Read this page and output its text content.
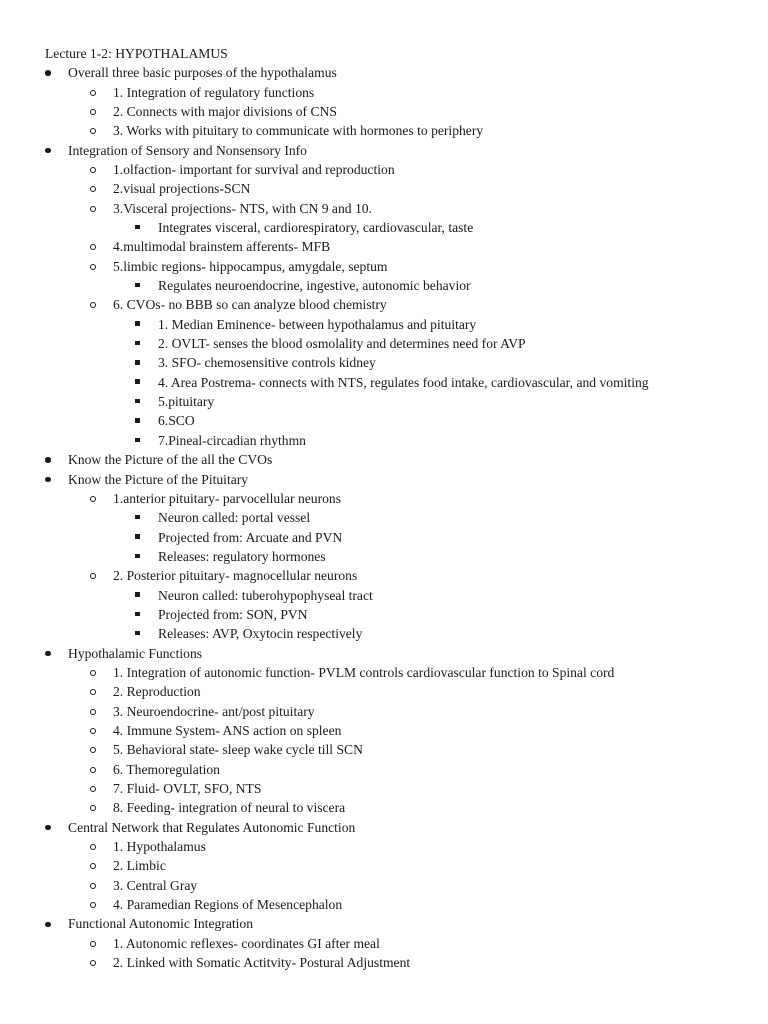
Lecture 1-2: HYPOTHALAMUS
Overall three basic purposes of the hypothalamus
1. Integration of regulatory functions
2. Connects with major divisions of CNS
3. Works with pituitary to communicate with hormones to periphery
Integration of Sensory and Nonsensory Info
1.olfaction- important for survival and reproduction
2.visual projections-SCN
3.Visceral projections- NTS, with CN 9 and 10.
Integrates visceral, cardiorespiratory, cardiovascular, taste
4.multimodal brainstem afferents- MFB
5.limbic regions- hippocampus, amygdale, septum
Regulates neuroendocrine, ingestive, autonomic behavior
6. CVOs- no BBB so can analyze blood chemistry
1. Median Eminence- between hypothalamus and pituitary
2. OVLT- senses the blood osmolality and determines need for AVP
3. SFO- chemosensitive controls kidney
4. Area Postrema- connects with NTS, regulates food intake, cardiovascular, and vomiting
5.pituitary
6.SCO
7.Pineal-circadian rhythmn
Know the Picture of the all the CVOs
Know the Picture of the Pituitary
1.anterior pituitary- parvocellular neurons
Neuron called: portal vessel
Projected from: Arcuate and PVN
Releases: regulatory hormones
2. Posterior pituitary- magnocellular neurons
Neuron called: tuberohypophyseal tract
Projected from: SON, PVN
Releases: AVP, Oxytocin respectively
Hypothalamic Functions
1. Integration of autonomic function- PVLM controls cardiovascular function to Spinal cord
2. Reproduction
3. Neuroendocrine- ant/post pituitary
4. Immune System- ANS action on spleen
5. Behavioral state- sleep wake cycle till SCN
6. Themoregulation
7. Fluid- OVLT, SFO, NTS
8. Feeding- integration of neural to viscera
Central Network that Regulates Autonomic Function
1. Hypothalamus
2. Limbic
3. Central Gray
4. Paramedian Regions of Mesencephalon
Functional Autonomic Integration
1. Autonomic reflexes- coordinates GI after meal
2. Linked with Somatic Actitvity- Postural Adjustment
